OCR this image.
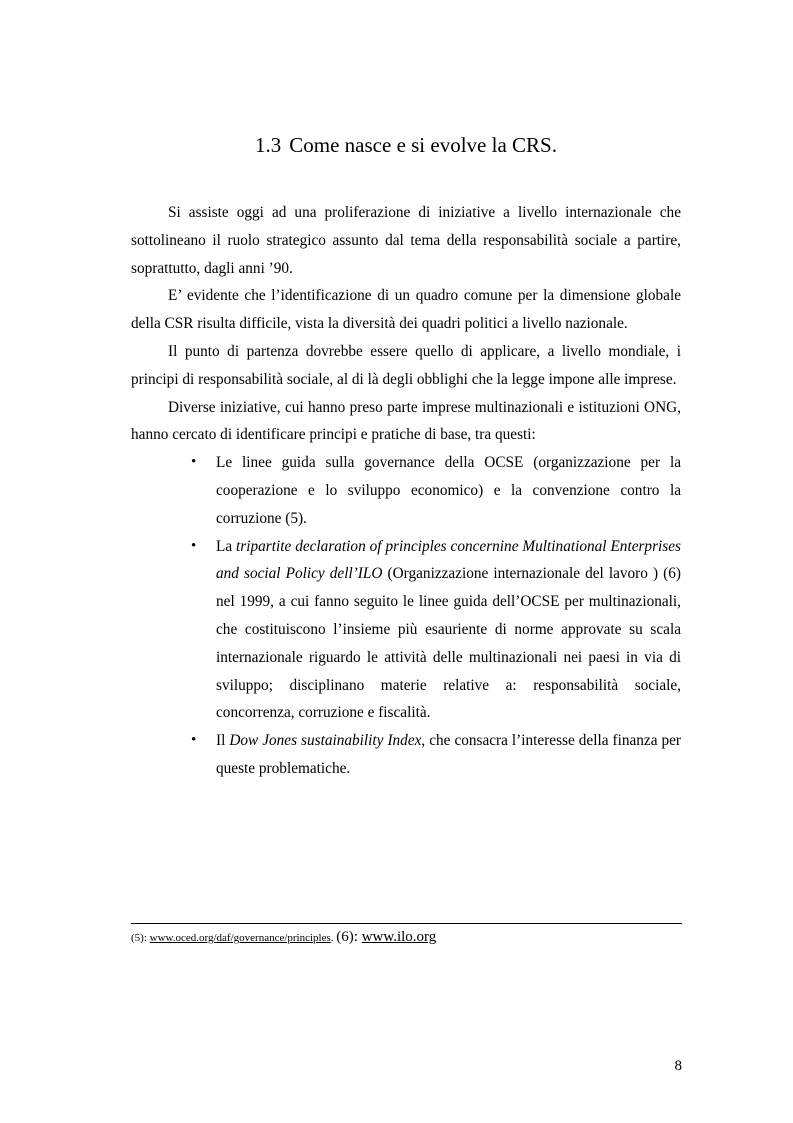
1.3 Come nasce e si evolve la CRS.

Si assiste oggi ad una proliferazione di iniziative a livello internazionale che sottolineano il ruolo strategico assunto dal tema della responsabilità sociale a partire, soprattutto, dagli anni ’90.

E’ evidente che l’identificazione di un quadro comune per la dimensione globale della CSR risulta difficile, vista la diversità dei quadri politici a livello nazionale.

Il punto di partenza dovrebbe essere quello di applicare, a livello mondiale, i principi di responsabilità sociale, al di là degli obblighi che la legge impone alle imprese.

Diverse iniziative, cui hanno preso parte imprese multinazionali e istituzioni ONG, hanno cercato di identificare principi e pratiche di base, tra questi:

• Le linee guida sulla governance della OCSE (organizzazione per la cooperazione e lo sviluppo economico) e la convenzione contro la corruzione (5).
• La tripartite declaration of principles concernine Multinational Enterprises and social Policy dell’ILO (Organizzazione internazionale del lavoro ) (6) nel 1999, a cui fanno seguito le linee guida dell’OCSE per multinazionali, che costituiscono l’insieme più esauriente di norme approvate su scala internazionale riguardo le attività delle multinazionali nei paesi in via di sviluppo; disciplinano materie relative a: responsabilità sociale, concorrenza, corruzione e fiscalità.
• Il Dow Jones sustainability Index, che consacra l’interesse della finanza per queste problematiche.
(5): www.oced.org/daf/governance/principles. (6): www.ilo.org
8
